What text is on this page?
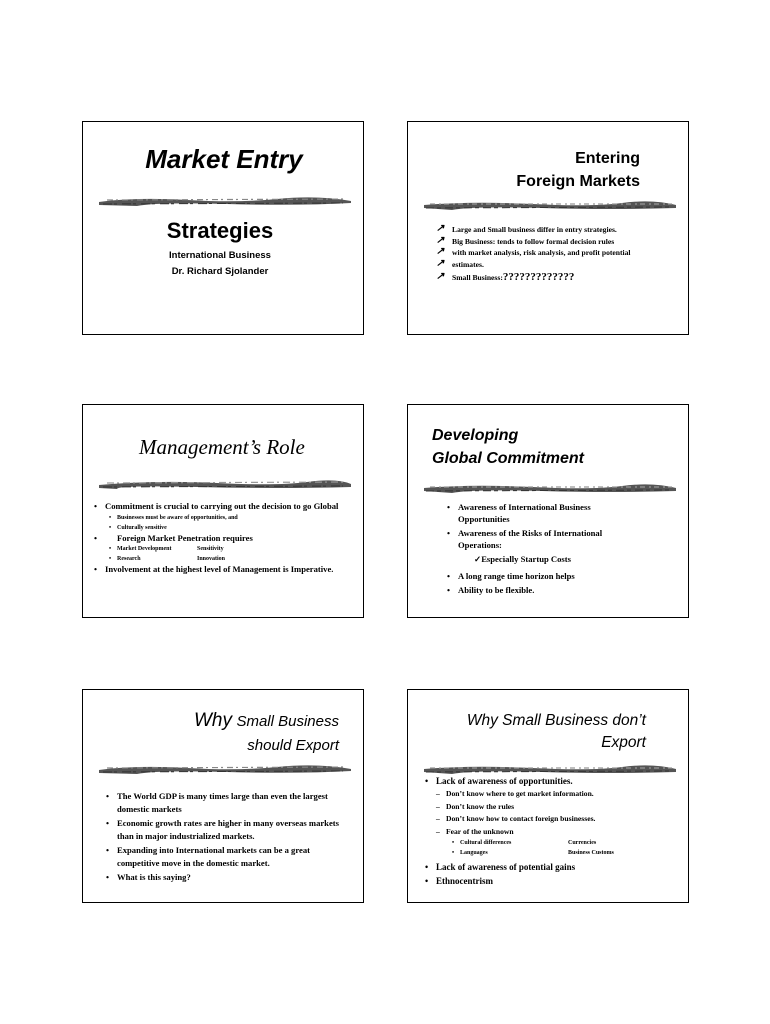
Market Entry
Strategies
International Business
Dr. Richard Sjolander
Entering
Foreign Markets
↗ Large and Small business differ in entry strategies.
↗ Big Business: tends to follow formal decision rules
↗ with market analysis, risk analysis, and profit potential
↗ estimates.
↗ Small Business:?????????????
Management’s Role
• Commitment is crucial to carrying out the decision to go Global
• Businesses must be aware of opportunities, and
• Culturally sensitive
• Foreign Market Penetration requires
• Market Development	Sensitivity
• Research	Innovation
• Involvement at the highest level of Management is Imperative.
Developing
Global Commitment
• Awareness of International Business Opportunities
• Awareness of the Risks of International Operations:
✓Especially Startup Costs
• A long range time horizon helps
• Ability to be flexible.
Why Small Business
should Export
• The World GDP is many times large than even the largest domestic markets
• Economic growth rates are higher in many overseas markets than in major industrialized markets.
• Expanding into International markets can be a great competitive move in the domestic market.
• What is this saying?
Why Small Business don’t
Export
• Lack of awareness of opportunities.
– Don’t know where to get market information.
– Don’t know the rules
– Don’t know how to contact foreign businesses.
– Fear of the unknown
• Cultural differences	Currencies
• Languages	Business Customs
• Lack of awareness of potential gains
• Ethnocentrism
